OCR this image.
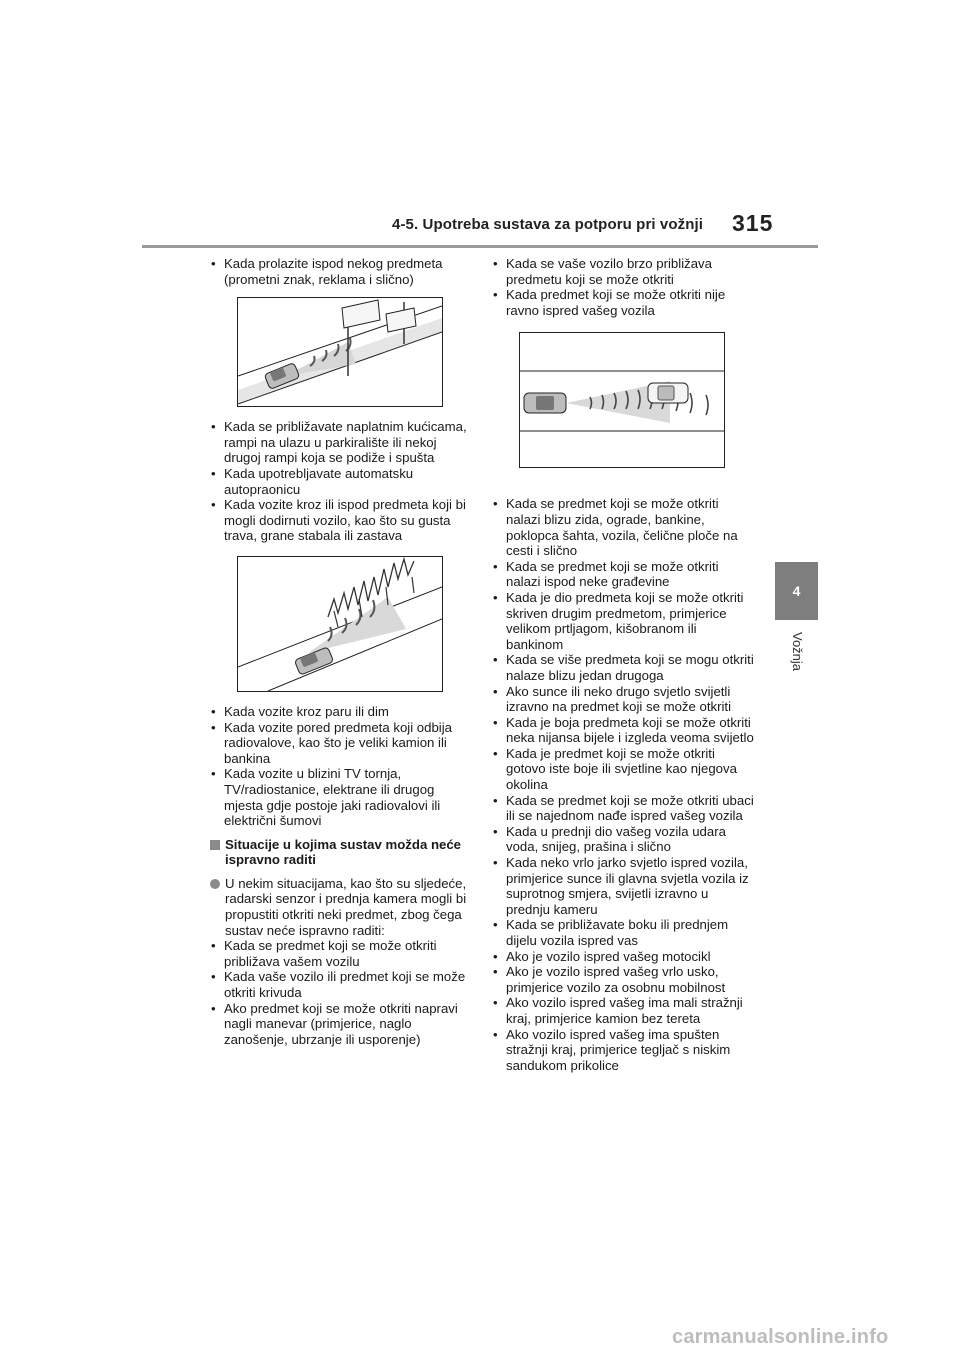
4-5. Upotreba sustava za potporu pri vožnji 315
4
Vožnja
• Kada prolazite ispod nekog predmeta (prometni znak, reklama i slično)
• Kada se približavate naplatnim kućicama, rampi na ulazu u parkiralište ili nekoj drugoj rampi koja se podiže i spušta
• Kada upotrebljavate automatsku autopraonicu
• Kada vozite kroz ili ispod predmeta koji bi mogli dodirnuti vozilo, kao što su gusta trava, grane stabala ili zastava
• Kada vozite kroz paru ili dim
• Kada vozite pored predmeta koji odbija radiovalove, kao što je veliki kamion ili bankina
• Kada vozite u blizini TV tornja, TV/radiostanice, elektrane ili drugog mjesta gdje postoje jaki radiovalovi ili električni šumovi
Situacije u kojima sustav možda neće ispravno raditi
U nekim situacijama, kao što su sljedeće, radarski senzor i prednja kamera mogli bi propustiti otkriti neki predmet, zbog čega sustav neće ispravno raditi:
• Kada se predmet koji se može otkriti približava vašem vozilu
• Kada vaše vozilo ili predmet koji se može otkriti krivuda
• Ako predmet koji se može otkriti napravi nagli manevar (primjerice, naglo zanošenje, ubrzanje ili usporenje)
• Kada se vaše vozilo brzo približava predmetu koji se može otkriti
• Kada predmet koji se može otkriti nije ravno ispred vašeg vozila
• Kada se predmet koji se može otkriti nalazi blizu zida, ograde, bankine, poklopca šahta, vozila, čelične ploče na cesti i slično
• Kada se predmet koji se može otkriti nalazi ispod neke građevine
• Kada je dio predmeta koji se može otkriti skriven drugim predmetom, primjerice velikom prtljagom, kišobranom ili bankinom
• Kada se više predmeta koji se mogu otkriti nalaze blizu jedan drugoga
• Ako sunce ili neko drugo svjetlo svijetli izravno na predmet koji se može otkriti
• Kada je boja predmeta koji se može otkriti neka nijansa bijele i izgleda veoma svijetlo
• Kada je predmet koji se može otkriti gotovo iste boje ili svjetline kao njegova okolina
• Kada se predmet koji se može otkriti ubaci ili se najednom nađe ispred vašeg vozila
• Kada u prednji dio vašeg vozila udara voda, snijeg, prašina i slično
• Kada neko vrlo jarko svjetlo ispred vozila, primjerice sunce ili glavna svjetla vozila iz suprotnog smjera, svijetli izravno u prednju kameru
• Kada se približavate boku ili prednjem dijelu vozila ispred vas
• Ako je vozilo ispred vašeg motocikl
• Ako je vozilo ispred vašeg vrlo usko, primjerice vozilo za osobnu mobilnost
• Ako vozilo ispred vašeg ima mali stražnji kraj, primjerice kamion bez tereta
• Ako vozilo ispred vašeg ima spušten stražnji kraj, primjerice tegljač s niskim sandukom prikolice
carmanualsonline.info
